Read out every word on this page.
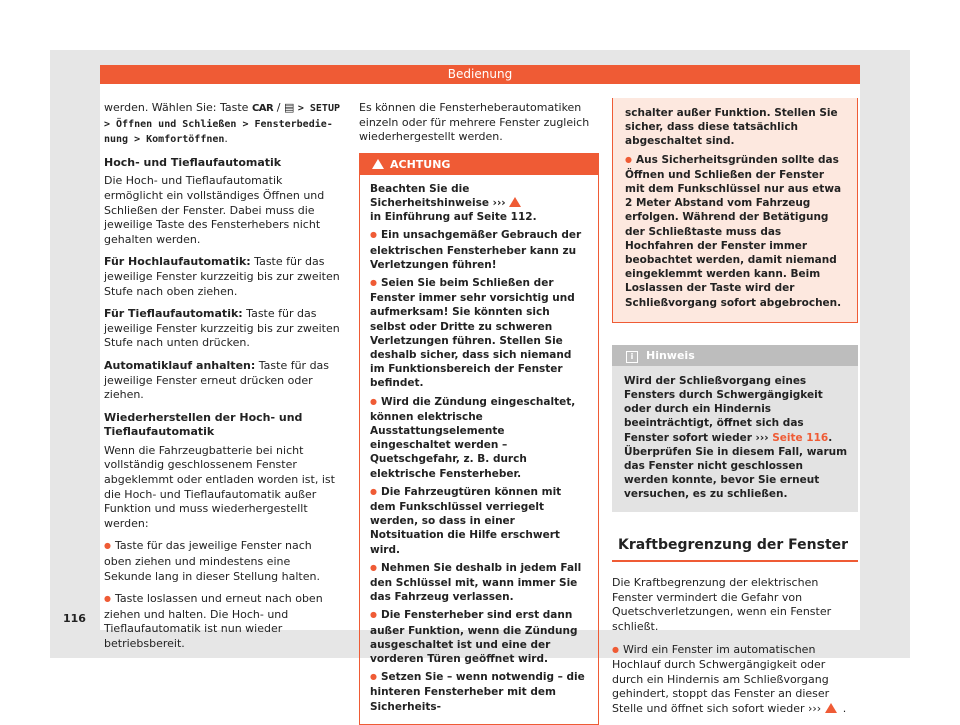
Bedienung

werden. Wählen Sie: Taste CAR / ▤ > SETUP > Öffnen und Schließen > Fensterbedie-nung > Komfortöffnen.

Hoch- und Tieflaufautomatik

Die Hoch- und Tieflaufautomatik ermöglicht ein vollständiges Öffnen und Schließen der Fenster. Dabei muss die jeweilige Taste des Fensterhebers nicht gehalten werden.

Für Hochlaufautomatik: Taste für das jeweilige Fenster kurzzeitig bis zur zweiten Stufe nach oben ziehen.

Für Tieflaufautomatik: Taste für das jeweilige Fenster kurzzeitig bis zur zweiten Stufe nach unten drücken.

Automatiklauf anhalten: Taste für das jeweilige Fenster erneut drücken oder ziehen.

Wiederherstellen der Hoch- und Tieflaufautomatik

Wenn die Fahrzeugbatterie bei nicht vollständig geschlossenem Fenster abgeklemmt oder entladen worden ist, ist die Hoch- und Tieflaufautomatik außer Funktion und muss wiederhergestellt werden:

● Taste für das jeweilige Fenster nach oben ziehen und mindestens eine Sekunde lang in dieser Stellung halten.

● Taste loslassen und erneut nach oben ziehen und halten. Die Hoch- und Tieflaufautomatik ist nun wieder betriebsbereit.

Es können die Fensterheberautomatiken einzeln oder für mehrere Fenster zugleich wiederhergestellt werden.

ACHTUNG

Beachten Sie die Sicherheitshinweise ›››
in Einführung auf Seite 112.

● Ein unsachgemäßer Gebrauch der elektrischen Fensterheber kann zu Verletzungen führen!

● Seien Sie beim Schließen der Fenster immer sehr vorsichtig und aufmerksam! Sie könnten sich selbst oder Dritte zu schweren Verletzungen führen. Stellen Sie deshalb sicher, dass sich niemand im Funktionsbereich der Fenster befindet.

● Wird die Zündung eingeschaltet, können elektrische Ausstattungselemente eingeschaltet werden – Quetschgefahr, z. B. durch elektrische Fensterheber.

● Die Fahrzeugtüren können mit dem Funkschlüssel verriegelt werden, so dass in einer Notsituation die Hilfe erschwert wird.

● Nehmen Sie deshalb in jedem Fall den Schlüssel mit, wann immer Sie das Fahrzeug verlassen.

● Die Fensterheber sind erst dann außer Funktion, wenn die Zündung ausgeschaltet ist und eine der vorderen Türen geöffnet wird.

● Setzen Sie – wenn notwendig – die hinteren Fensterheber mit dem Sicherheits-

schalter außer Funktion. Stellen Sie sicher, dass diese tatsächlich abgeschaltet sind.

● Aus Sicherheitsgründen sollte das Öffnen und Schließen der Fenster mit dem Funkschlüssel nur aus etwa 2 Meter Abstand vom Fahrzeug erfolgen. Während der Betätigung der Schließtaste muss das Hochfahren der Fenster immer beobachtet werden, damit niemand eingeklemmt werden kann. Beim Loslassen der Taste wird der Schließvorgang sofort abgebrochen.

i Hinweis
Wird der Schließvorgang eines Fensters durch Schwergängigkeit oder durch ein Hindernis beeinträchtigt, öffnet sich das Fenster sofort wieder ››› Seite 116. Überprüfen Sie in diesem Fall, warum das Fenster nicht geschlossen werden konnte, bevor Sie erneut versuchen, es zu schließen.
Kraftbegrenzung der Fenster

Die Kraftbegrenzung der elektrischen Fenster vermindert die Gefahr von Quetschverletzungen, wenn ein Fenster schließt.

● Wird ein Fenster im automatischen Hochlauf durch Schwergängigkeit oder durch ein Hindernis am Schließvorgang gehindert, stoppt das Fenster an dieser Stelle und öffnet sich sofort wieder ››› .

116
